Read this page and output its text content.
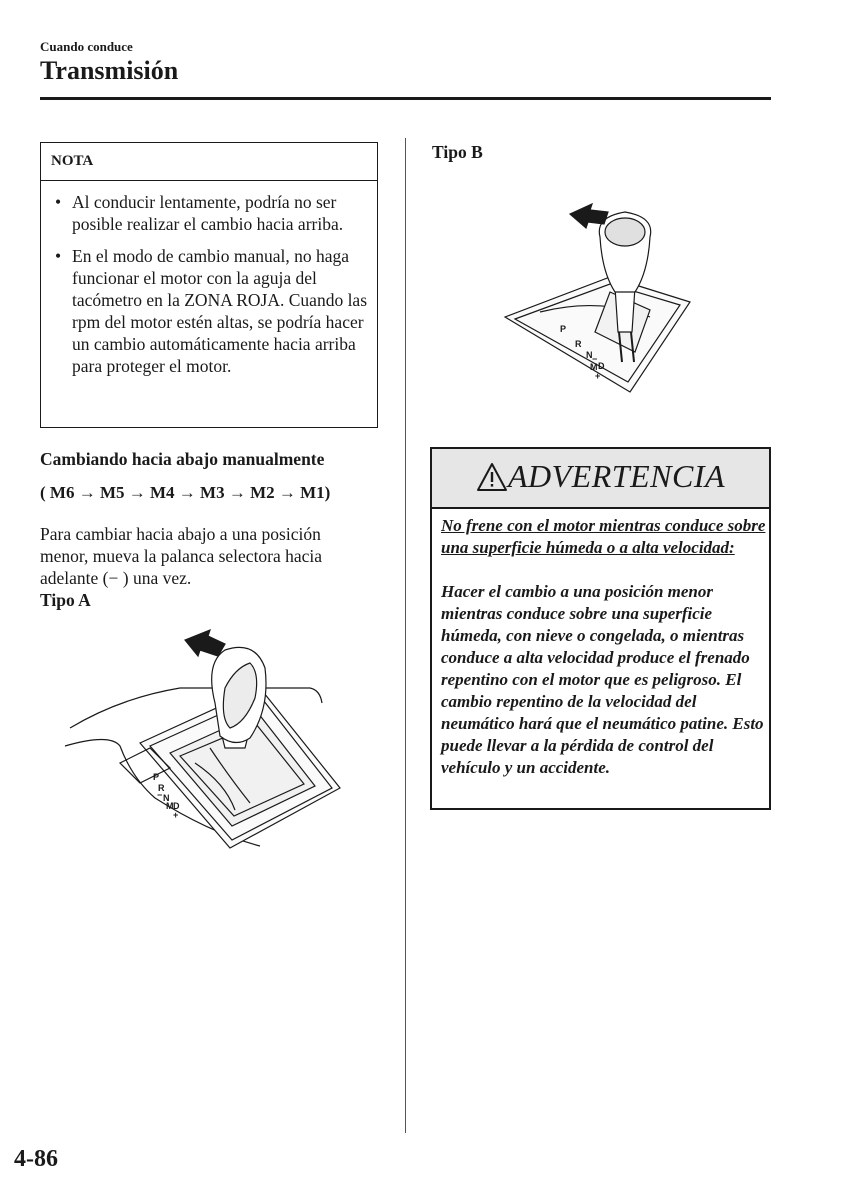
Cuando conduce
Transmisión
NOTA
• Al conducir lentamente, podría no ser posible realizar el cambio hacia arriba.
• En el modo de cambio manual, no haga funcionar el motor con la aguja del tacómetro en la ZONA ROJA. Cuando las rpm del motor estén altas, se podría hacer un cambio automáticamente hacia arriba para proteger el motor.
Cambiando hacia abajo manualmente
( M6 → M5 → M4 → M3 → M2 → M1)
Para cambiar hacia abajo a una posición menor, mueva la palanca selectora hacia adelante (− ) una vez.
Tipo A
P
R
N
D
M
+
−
Tipo B
P
R
N
D
M
+
−
ADVERTENCIA
No frene con el motor mientras conduce sobre una superficie húmeda o a alta velocidad:
Hacer el cambio a una posición menor mientras conduce sobre una superficie húmeda, con nieve o congelada, o mientras conduce a alta velocidad produce el frenado repentino con el motor que es peligroso. El cambio repentino de la velocidad del neumático hará que el neumático patine. Esto puede llevar a la pérdida de control del vehículo y un accidente.
4-86
